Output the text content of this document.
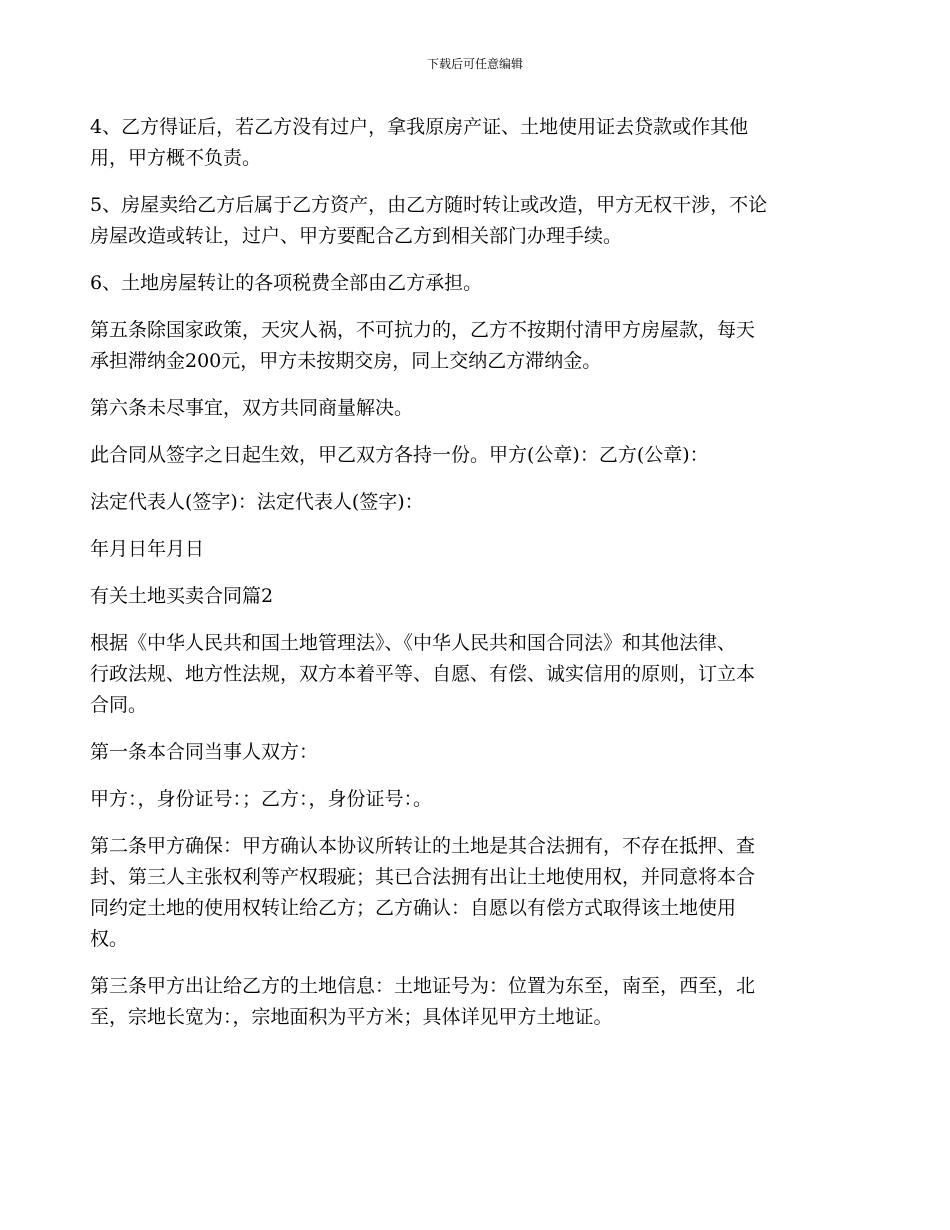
下载后可任意编辑
4、乙方得证后，若乙方没有过户，拿我原房产证、土地使用证去贷款或作其他
用，甲方概不负责。
5、房屋卖给乙方后属于乙方资产，由乙方随时转让或改造，甲方无权干涉，不论
房屋改造或转让，过户、甲方要配合乙方到相关部门办理手续。
6、土地房屋转让的各项税费全部由乙方承担。
第五条除国家政策，天灾人祸，不可抗力的，乙方不按期付清甲方房屋款，每天
承担滞纳金200元，甲方未按期交房，同上交纳乙方滞纳金。
第六条未尽事宜，双方共同商量解决。
此合同从签字之日起生效，甲乙双方各持一份。甲方(公章)：乙方(公章)：
法定代表人(签字)：法定代表人(签字)：
年月日年月日
有关土地买卖合同篇2
根据《中华人民共和国土地管理法》、《中华人民共和国合同法》和其他法律、
行政法规、地方性法规，双方本着平等、自愿、有偿、诚实信用的原则，订立本
合同。
第一条本合同当事人双方：
甲方：，身份证号：；乙方：，身份证号：。
第二条甲方确保：甲方确认本协议所转让的土地是其合法拥有，不存在抵押、查
封、第三人主张权利等产权瑕疵；其已合法拥有出让土地使用权，并同意将本合
同约定土地的使用权转让给乙方；乙方确认：自愿以有偿方式取得该土地使用
权。
第三条甲方出让给乙方的土地信息：土地证号为：位置为东至，南至，西至，北
至，宗地长宽为：，宗地面积为平方米；具体详见甲方土地证。
